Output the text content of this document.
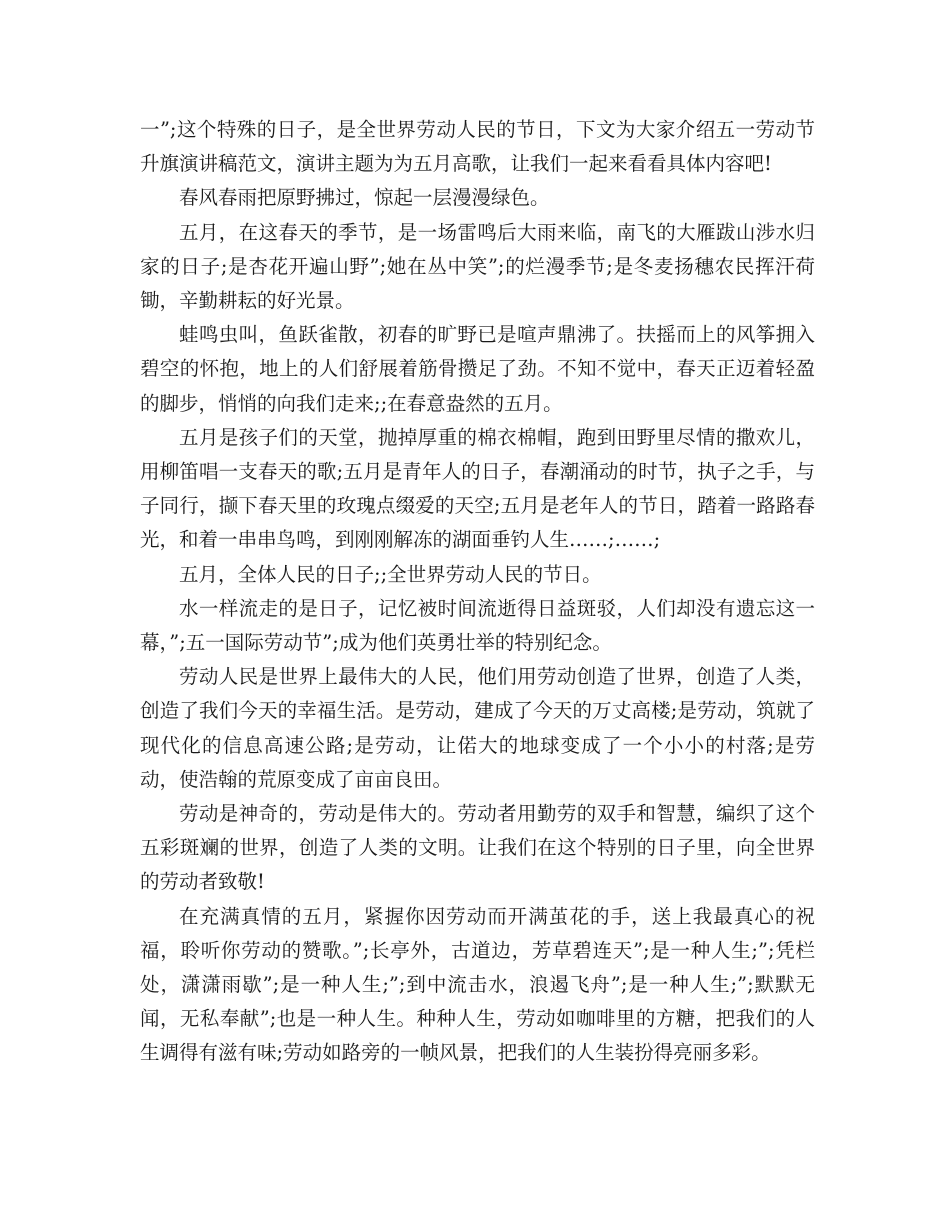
一”;这个特殊的日子，是全世界劳动人民的节日，下文为大家介绍五一劳动节升旗演讲稿范文，演讲主题为为五月高歌，让我们一起来看看具体内容吧!

春风春雨把原野拂过，惊起一层漫漫绿色。

五月，在这春天的季节，是一场雷鸣后大雨来临，南飞的大雁跋山涉水归家的日子;是杏花开遍山野”;她在丛中笑”;的烂漫季节;是冬麦扬穗农民挥汗荷锄，辛勤耕耘的好光景。

蛙鸣虫叫，鱼跃雀散，初春的旷野已是喧声鼎沸了。扶摇而上的风筝拥入碧空的怀抱，地上的人们舒展着筋骨攒足了劲。不知不觉中，春天正迈着轻盈的脚步，悄悄的向我们走来;;在春意盎然的五月。

五月是孩子们的天堂，抛掉厚重的棉衣棉帽，跑到田野里尽情的撒欢儿，用柳笛唱一支春天的歌;五月是青年人的日子，春潮涌动的时节，执子之手，与子同行，撷下春天里的玫瑰点缀爱的天空;五月是老年人的节日，踏着一路路春光，和着一串串鸟鸣，到刚刚解冻的湖面垂钓人生……;……;

五月，全体人民的日子;;全世界劳动人民的节日。

水一样流走的是日子，记忆被时间流逝得日益斑驳，人们却没有遗忘这一幕，”;五一国际劳动节”;成为他们英勇壮举的特别纪念。

劳动人民是世界上最伟大的人民，他们用劳动创造了世界，创造了人类，创造了我们今天的幸福生活。是劳动，建成了今天的万丈高楼;是劳动，筑就了现代化的信息高速公路;是劳动，让偌大的地球变成了一个小小的村落;是劳动，使浩翰的荒原变成了亩亩良田。

劳动是神奇的，劳动是伟大的。劳动者用勤劳的双手和智慧，编织了这个五彩斑斓的世界，创造了人类的文明。让我们在这个特别的日子里，向全世界的劳动者致敬!

在充满真情的五月，紧握你因劳动而开满茧花的手，送上我最真心的祝福，聆听你劳动的赞歌。”;长亭外，古道边，芳草碧连天”;是一种人生;”;凭栏处，潇潇雨歇”;是一种人生;”;到中流击水，浪遏飞舟”;是一种人生;”;默默无闻，无私奉献”;也是一种人生。种种人生，劳动如咖啡里的方糖，把我们的人生调得有滋有味;劳动如路旁的一帧风景，把我们的人生装扮得亮丽多彩。
